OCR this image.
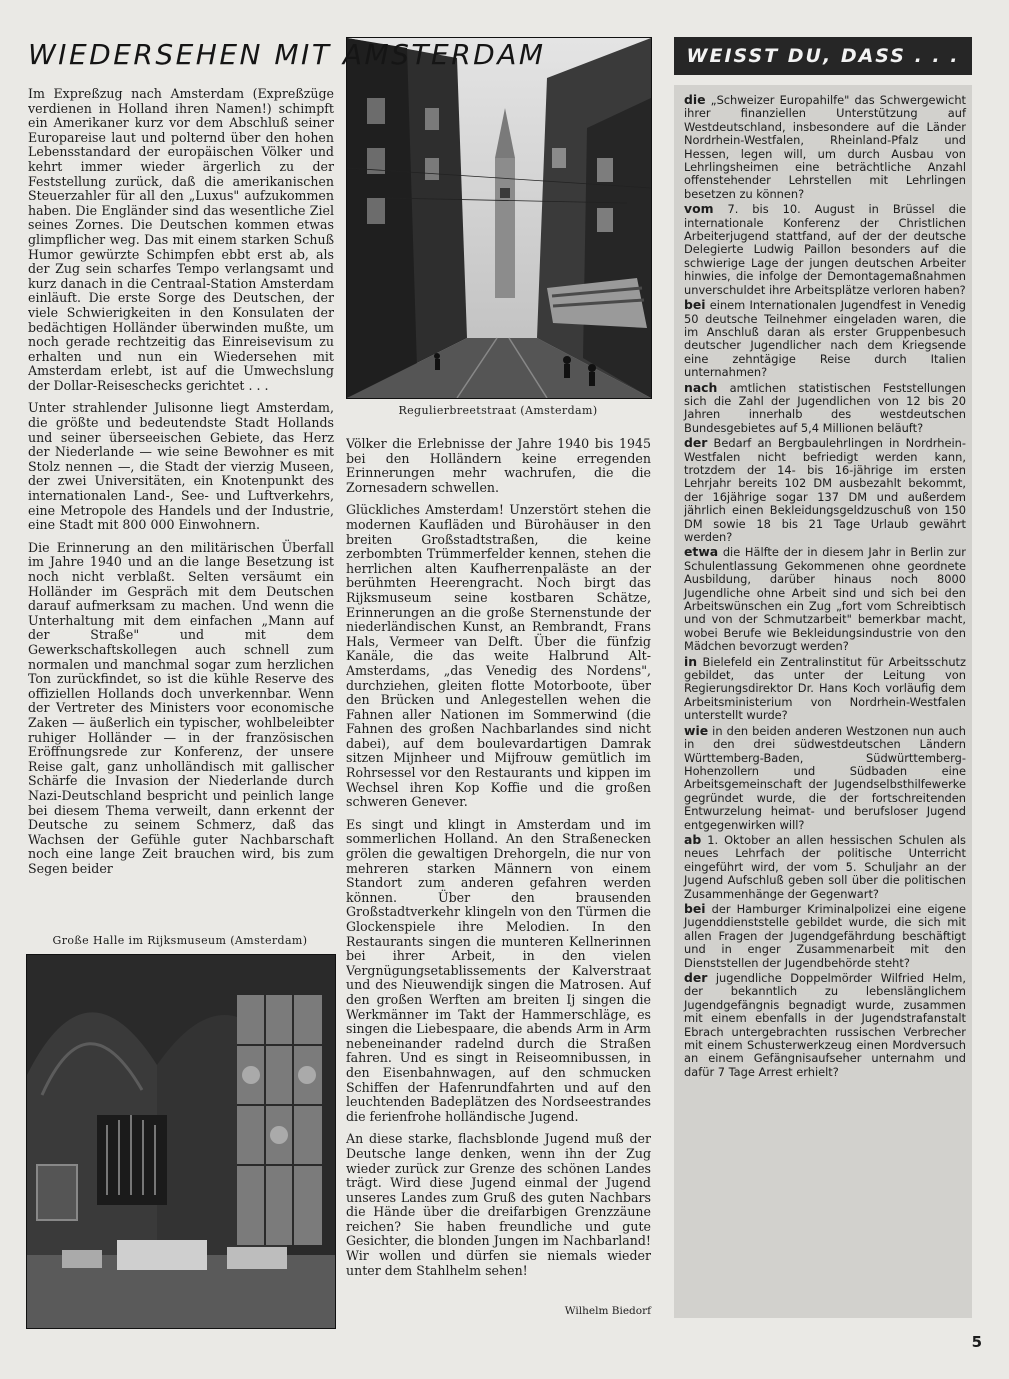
WIEDERSEHEN MIT AMSTERDAM
Regulierbreetstraat (Amsterdam)

Im Expreßzug nach Amsterdam (Expreßzüge verdienen in Holland ihren Namen!) schimpft ein Amerikaner kurz vor dem Abschluß seiner Europareise laut und polternd über den hohen Lebensstandard der europäischen Völker und kehrt immer wieder ärgerlich zu der Feststellung zurück, daß die amerikanischen Steuerzahler für all den „Luxus" aufzukommen haben. Die Engländer sind das wesentliche Ziel seines Zornes. Die Deutschen kommen etwas glimpflicher weg. Das mit einem starken Schuß Humor gewürzte Schimpfen ebbt erst ab, als der Zug sein scharfes Tempo verlangsamt und kurz danach in die Centraal-Station Amsterdam einläuft. Die erste Sorge des Deutschen, der viele Schwierigkeiten in den Konsulaten der bedächtigen Holländer überwinden mußte, um noch gerade rechtzeitig das Einreisevisum zu erhalten und nun ein Wiedersehen mit Amsterdam erlebt, ist auf die Umwechslung der Dollar-Reiseschecks gerichtet . . .

Unter strahlender Julisonne liegt Amsterdam, die größte und bedeutendste Stadt Hollands und seiner überseeischen Gebiete, das Herz der Niederlande — wie seine Bewohner es mit Stolz nennen —, die Stadt der vierzig Museen, der zwei Universitäten, ein Knotenpunkt des internationalen Land-, See- und Luftverkehrs, eine Metropole des Handels und der Industrie, eine Stadt mit 800 000 Einwohnern.

Die Erinnerung an den militärischen Überfall im Jahre 1940 und an die lange Besetzung ist noch nicht verblaßt. Selten versäumt ein Holländer im Gespräch mit dem Deutschen darauf aufmerksam zu machen. Und wenn die Unterhaltung mit dem einfachen „Mann auf der Straße" und mit dem Gewerkschaftskollegen auch schnell zum normalen und manchmal sogar zum herzlichen Ton zurückfindet, so ist die kühle Reserve des offiziellen Hollands doch unverkennbar. Wenn der Vertreter des Ministers voor economische Zaken — äußerlich ein typischer, wohlbeleibter ruhiger Holländer — in der französischen Eröffnungsrede zur Konferenz, der unsere Reise galt, ganz unholländisch mit gallischer Schärfe die Invasion der Niederlande durch Nazi-Deutschland bespricht und peinlich lange bei diesem Thema verweilt, dann erkennt der Deutsche zu seinem Schmerz, daß das Wachsen der Gefühle guter Nachbarschaft noch eine lange Zeit brauchen wird, bis zum Segen beider

Große Halle im Rijksmuseum (Amsterdam)

Völker die Erlebnisse der Jahre 1940 bis 1945 bei den Holländern keine erregenden Erinnerungen mehr wachrufen, die die Zornesadern schwellen.

Glückliches Amsterdam! Unzerstört stehen die modernen Kaufläden und Bürohäuser in den breiten Großstadtstraßen, die keine zerbombten Trümmerfelder kennen, stehen die herrlichen alten Kaufherrenpaläste an der berühmten Heerengracht. Noch birgt das Rijksmuseum seine kostbaren Schätze, Erinnerungen an die große Sternenstunde der niederländischen Kunst, an Rembrandt, Frans Hals, Vermeer van Delft. Über die fünfzig Kanäle, die das weite Halbrund Alt-Amsterdams, „das Venedig des Nordens", durchziehen, gleiten flotte Motorboote, über den Brücken und Anlegestellen wehen die Fahnen aller Nationen im Sommerwind (die Fahnen des großen Nachbarlandes sind nicht dabei), auf dem boulevardartigen Damrak sitzen Mijnheer und Mijfrouw gemütlich im Rohrsessel vor den Restaurants und kippen im Wechsel ihren Kop Koffie und die großen schweren Genever.

Es singt und klingt in Amsterdam und im sommerlichen Holland. An den Straßenecken grölen die gewaltigen Drehorgeln, die nur von mehreren starken Männern von einem Standort zum anderen gefahren werden können. Über den brausenden Großstadtverkehr klingeln von den Türmen die Glockenspiele ihre Melodien. In den Restaurants singen die munteren Kellnerinnen bei ihrer Arbeit, in den vielen Vergnügungsetablissements der Kalverstraat und des Nieuwendijk singen die Matrosen. Auf den großen Werften am breiten Ij singen die Werkmänner im Takt der Hammerschläge, es singen die Liebespaare, die abends Arm in Arm nebeneinander radelnd durch die Straßen fahren. Und es singt in Reiseomnibussen, in den Eisenbahnwagen, auf den schmucken Schiffen der Hafenrundfahrten und auf den leuchtenden Badeplätzen des Nordseestrandes die ferienfrohe holländische Jugend.

An diese starke, flachsblonde Jugend muß der Deutsche lange denken, wenn ihn der Zug wieder zurück zur Grenze des schönen Landes trägt. Wird diese Jugend einmal der Jugend unseres Landes zum Gruß des guten Nachbars die Hände über die dreifarbigen Grenzzäune reichen? Sie haben freundliche und gute Gesichter, die blonden Jungen im Nachbarland! Wir wollen und dürfen sie niemals wieder unter dem Stahlhelm sehen!

Wilhelm Biedorf
WEISST DU, DASS . . .

die „Schweizer Europahilfe" das Schwergewicht ihrer finanziellen Unterstützung auf Westdeutschland, insbesondere auf die Länder Nordrhein-Westfalen, Rheinland-Pfalz und Hessen, legen will, um durch Ausbau von Lehrlingsheimen eine beträchtliche Anzahl offenstehender Lehrstellen mit Lehrlingen besetzen zu können?

vom 7. bis 10. August in Brüssel die internationale Konferenz der Christlichen Arbeiterjugend stattfand, auf der der deutsche Delegierte Ludwig Paillon besonders auf die schwierige Lage der jungen deutschen Arbeiter hinwies, die infolge der Demontagemaßnahmen unverschuldet ihre Arbeitsplätze verloren haben?

bei einem Internationalen Jugendfest in Venedig 50 deutsche Teilnehmer eingeladen waren, die im Anschluß daran als erster Gruppenbesuch deutscher Jugendlicher nach dem Kriegsende eine zehntägige Reise durch Italien unternahmen?

nach amtlichen statistischen Feststellungen sich die Zahl der Jugendlichen von 12 bis 20 Jahren innerhalb des westdeutschen Bundesgebietes auf 5,4 Millionen beläuft?

der Bedarf an Bergbaulehrlingen in Nordrhein-Westfalen nicht befriedigt werden kann, trotzdem der 14- bis 16-jährige im ersten Lehrjahr bereits 102 DM ausbezahlt bekommt, der 16jährige sogar 137 DM und außerdem jährlich einen Bekleidungsgeldzuschuß von 150 DM sowie 18 bis 21 Tage Urlaub gewährt werden?

etwa die Hälfte der in diesem Jahr in Berlin zur Schulentlassung Gekommenen ohne geordnete Ausbildung, darüber hinaus noch 8000 Jugendliche ohne Arbeit sind und sich bei den Arbeitswünschen ein Zug „fort vom Schreibtisch und von der Schmutzarbeit" bemerkbar macht, wobei Berufe wie Bekleidungsindustrie von den Mädchen bevorzugt werden?

in Bielefeld ein Zentralinstitut für Arbeitsschutz gebildet, das unter der Leitung von Regierungsdirektor Dr. Hans Koch vorläufig dem Arbeitsministerium von Nordrhein-Westfalen unterstellt wurde?

wie in den beiden anderen Westzonen nun auch in den drei südwestdeutschen Ländern Württemberg-Baden, Südwürttemberg-Hohenzollern und Südbaden eine Arbeitsgemeinschaft der Jugendselbsthilfewerke gegründet wurde, die der fortschreitenden Entwurzelung heimat- und berufsloser Jugend entgegenwirken will?

ab 1. Oktober an allen hessischen Schulen als neues Lehrfach der politische Unterricht eingeführt wird, der vom 5. Schuljahr an der Jugend Aufschluß geben soll über die politischen Zusammenhänge der Gegenwart?

bei der Hamburger Kriminalpolizei eine eigene Jugenddienststelle gebildet wurde, die sich mit allen Fragen der Jugendgefährdung beschäftigt und in enger Zusammenarbeit mit den Dienststellen der Jugendbehörde steht?

der jugendliche Doppelmörder Wilfried Helm, der bekanntlich zu lebenslänglichem Jugendgefängnis begnadigt wurde, zusammen mit einem ebenfalls in der Jugendstrafanstalt Ebrach untergebrachten russischen Verbrecher mit einem Schusterwerkzeug einen Mordversuch an einem Gefängnisaufseher unternahm und dafür 7 Tage Arrest erhielt?

5
